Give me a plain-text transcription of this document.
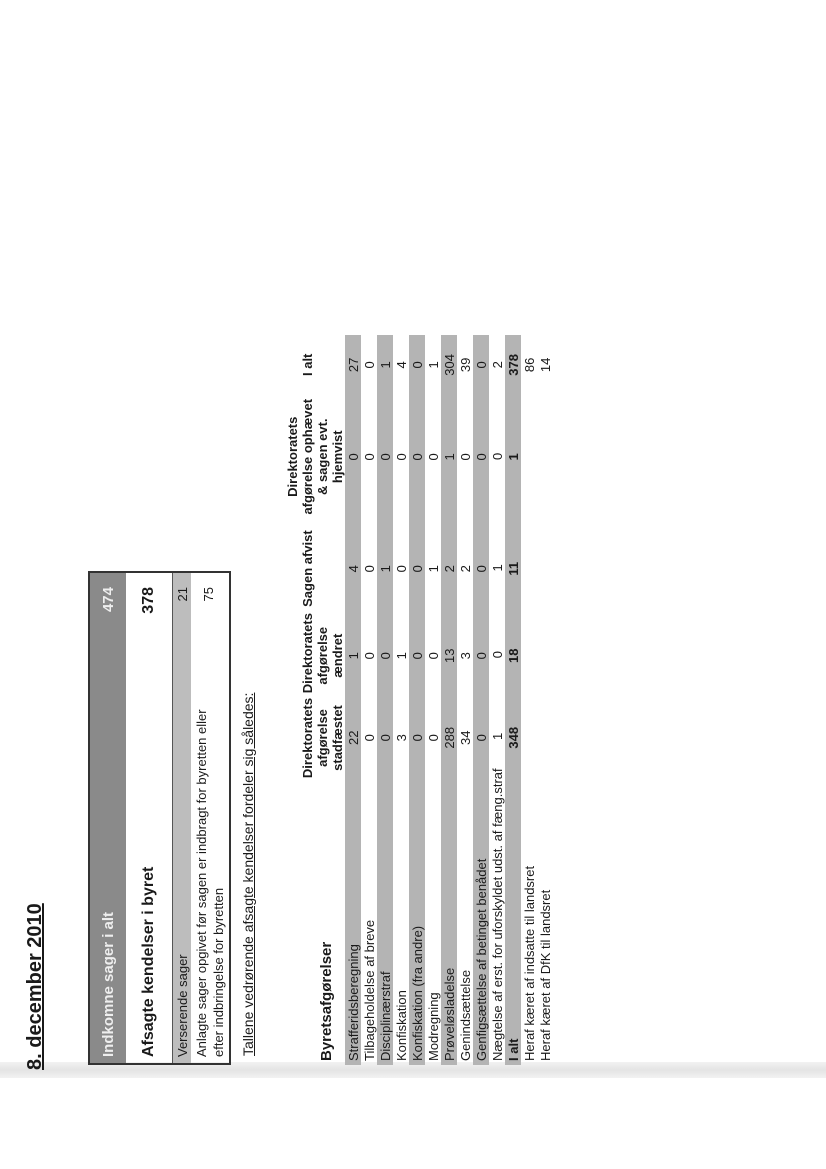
8. december 2010	Indkomne sager i alt
474
Afsagte kendelser i byret
378
Verserende sager
21
Anlagte sager opgivet før sagen er indbragt for byretten eller efter indbringelse for byretten
75
Tallene vedrørende afsagte kendelser fordeler sig således:	Byretsafgørelser
Direktoratets
afgørelse
stadfæstet
Direktoratets
afgørelse
ændret
Sagen afvist
Direktoratets
afgørelse ophævet
& sagen evt.
hjemvist
I alt
Strafferidsberegning
22
1
4
0
27
Tilbageholdelse af breve
0
0
0
0
0
Disciplinærstraf
0
0
1
0
1
Konfiskation
3
1
0
0
4
Konfiskation (fra andre)
0
0
0
0
0
Modregning
0
0
1
0
1
Prøveløsladelse
288
13
2
1
304
Genindsættelse
34
3
2
0
39
Genfigsættelse af betinget benådet
0
0
0
0
0
Nægtelse af erst. for uforskyldet udst. af fæng.straf
1
0
1
0
2
I alt
348
18
11
1
378
Heraf kæret af indsatte til landsret
86
Heraf kæret af DfK til landsret
14
